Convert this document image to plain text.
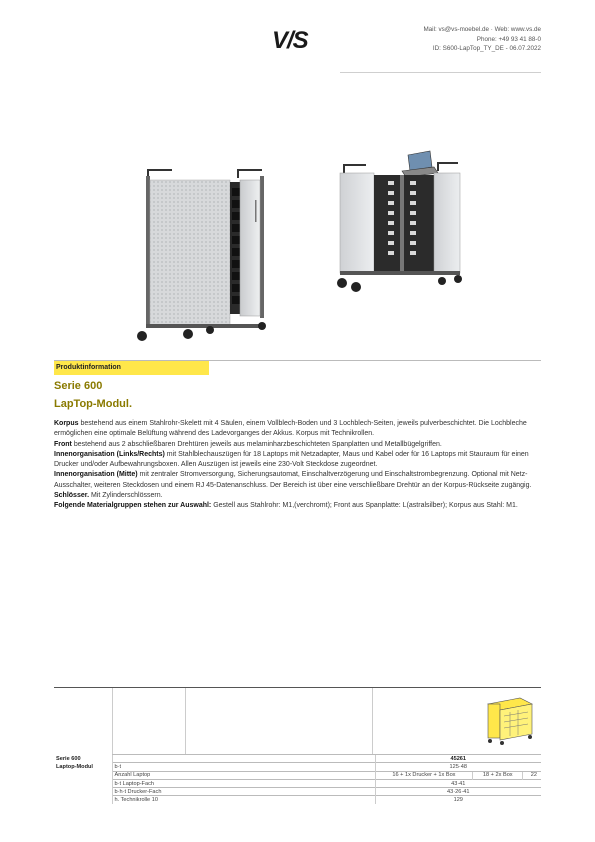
V/S	Mail: vs@vs-moebel.de · Web: www.vs.de
Phone: +49 93 41 88-0
ID: S600-LapTop_TY_DE - 06.07.2022
Produktinformation
Serie 600
LapTop-Modul.

Korpus bestehend aus einem Stahlrohr-Skelett mit 4 Säulen, einem Vollblech-Boden und 3 Lochblech-Seiten, jeweils pulverbeschichtet. Die Lochbleche ermöglichen eine optimale Belüftung während des Ladevorganges der Akkus. Korpus mit Technikrollen.

Front bestehend aus 2 abschließbaren Drehtüren jeweils aus melaminharzbeschichteten Spanplatten und Metallbügelgriffen.

Innenorganisation (Links/Rechts) mit Stahlblechauszügen für 18 Laptops mit Netzadapter, Maus und Kabel oder für 16 Laptops mit Stauraum für einen Drucker und/oder Aufbewahrungsboxen. Allen Auszügen ist jeweils eine 230-Volt Steckdose zugeordnet.

Innenorganisation (Mitte) mit zentraler Stromversorgung, Sicherungsautomat, Einschaltverzögerung und Einschaltstrombegrenzung. Optional mit Netz-Ausschalter, weiteren Steckdosen und einem RJ 45-Datenanschluss. Der Bereich ist über eine verschließbare Drehtür an der Korpus-Rückseite zugängig.

Schlösser. Mit Zylinderschlössern.

Folgende Materialgruppen stehen zur Auswahl: Gestell aus Stahlrohr: M1,(verchromt); Front aus Spanplatte: L(astralsilber); Korpus aus Stahl: M1.

Serie 600		45261		
Laptop-Modul	b·t	125·48		
	Anzahl Laptop	16 + 1x Drucker + 1x Box	18 + 2x Box	22
	b·t Laptop-Fach	43·41		
	b·h·t Drucker-Fach	43·26·41		
	h. Technikrolle 10	129		
